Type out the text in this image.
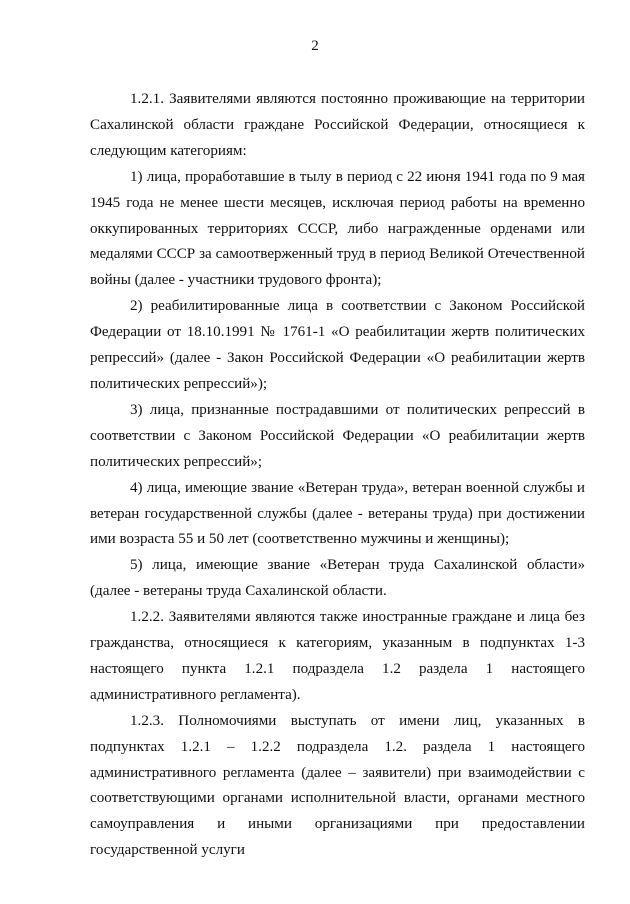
2

1.2.1. Заявителями являются постоянно проживающие на территории Сахалинской области граждане Российской Федерации, относящиеся к следующим категориям:

1) лица, проработавшие в тылу в период с 22 июня 1941 года по 9 мая 1945 года не менее шести месяцев, исключая период работы на временно оккупированных территориях СССР, либо награжденные орденами или медалями СССР за самоотверженный труд в период Великой Отечественной войны (далее - участники трудового фронта);

2) реабилитированные лица в соответствии с Законом Российской Федерации от 18.10.1991 № 1761-1 «О реабилитации жертв политических репрессий» (далее - Закон Российской Федерации «О реабилитации жертв политических репрессий»);

3) лица, признанные пострадавшими от политических репрессий в соответствии с Законом Российской Федерации «О реабилитации жертв политических репрессий»;

4) лица, имеющие звание «Ветеран труда», ветеран военной службы и ветеран государственной службы (далее - ветераны труда) при достижении ими возраста 55 и 50 лет (соответственно мужчины и женщины);

5) лица, имеющие звание «Ветеран труда Сахалинской области» (далее - ветераны труда Сахалинской области.

1.2.2. Заявителями являются также иностранные граждане и лица без гражданства, относящиеся к категориям, указанным в подпунктах 1-3 настоящего пункта 1.2.1 подраздела 1.2 раздела 1 настоящего административного регламента).

1.2.3. Полномочиями выступать от имени лиц, указанных в подпунктах 1.2.1 – 1.2.2 подраздела 1.2. раздела 1 настоящего административного регламента (далее – заявители) при взаимодействии с соответствующими органами исполнительной власти, органами местного самоуправления и иными организациями при предоставлении государственной услуги
